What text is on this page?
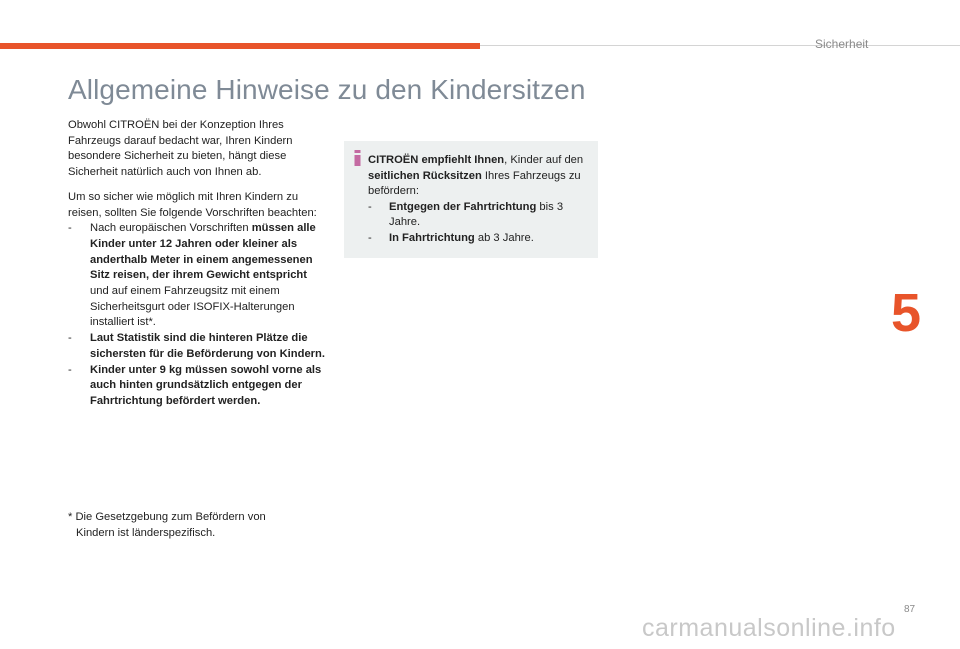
Sicherheit
5
Allgemeine Hinweise zu den Kindersitzen

Obwohl CITROËN bei der Konzeption Ihres Fahrzeugs darauf bedacht war, Ihren Kindern besondere Sicherheit zu bieten, hängt diese Sicherheit natürlich auch von Ihnen ab.

Um so sicher wie möglich mit Ihren Kindern zu reisen, sollten Sie folgende Vorschriften beachten:

- Nach europäischen Vorschriften müssen alle Kinder unter 12 Jahren oder kleiner als anderthalb Meter in einem angemessenen Sitz reisen, der ihrem Gewicht entspricht und auf einem Fahrzeugsitz mit einem Sicherheitsgurt oder ISOFIX-Halterungen installiert ist*.
- Laut Statistik sind die hinteren Plätze die sichersten für die Beförderung von Kindern.
- Kinder unter 9 kg müssen sowohl vorne als auch hinten grundsätzlich entgegen der Fahrtrichtung befördert werden.
* Die Gesetzgebung zum Befördern von
Kindern ist länderspezifisch.
CITROËN empfiehlt Ihnen, Kinder auf den seitlichen Rücksitzen Ihres Fahrzeugs zu befördern:
- Entgegen der Fahrtrichtung bis 3 Jahre.
- In Fahrtrichtung ab 3 Jahre.
87
carmanualsonline.info
